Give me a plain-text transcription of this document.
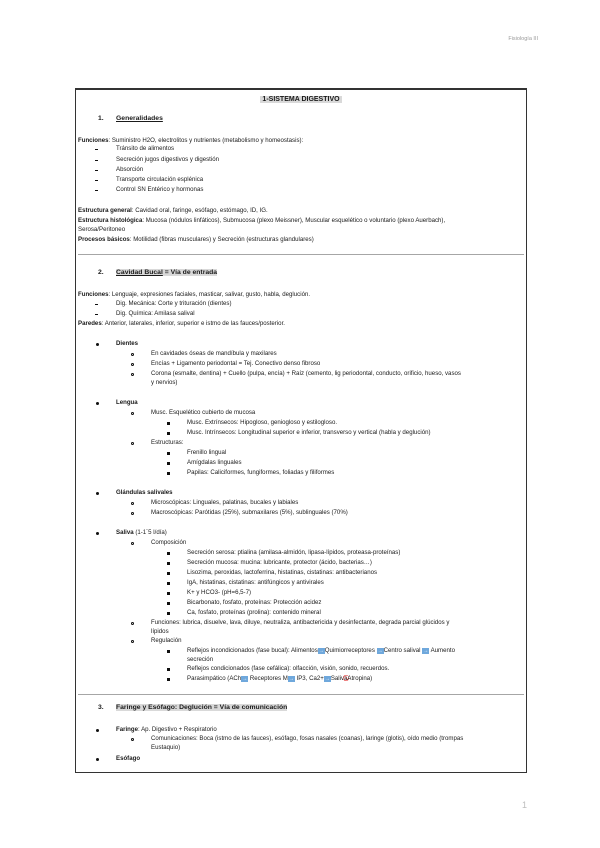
Fisiología III
1-SISTEMA DIGESTIVO
1. Generalidades
Funciones: Suministro H2O, electrolitos y nutrientes (metabolismo y homeostasis):
Tránsito de alimentos
Secreción jugos digestivos y digestión
Absorción
Transporte circulación esplénica
Control SN Entérico y hormonas
Estructura general: Cavidad oral, faringe, esófago, estómago, ID, IG.
Estructura histológica: Mucosa (nódulos linfáticos), Submucosa (plexo Meissner), Muscular esquelético o voluntario (plexo Auerbach),
Serosa/Peritoneo
Procesos básicos: Motilidad (fibras musculares) y Secreción (estructuras glandulares)
2. Cavidad Bucal = Vía de entrada
Funciones: Lenguaje, expresiones faciales, masticar, salivar, gusto, habla, deglución.
Dig. Mecánica: Corte y trituración (dientes)
Dig. Química: Amilasa salival
Paredes: Anterior, laterales, inferior, superior e istmo de las fauces/posterior.
Dientes
En cavidades óseas de mandíbula y maxilares
Encías + Ligamento periodontal = Tej. Conectivo denso fibroso
Corona (esmalte, dentina) + Cuello (pulpa, encía) + Raíz (cemento, lig periodontal, conducto, orificio, hueso, vasos
y nervios)
Lengua
Musc. Esquelético cubierto de mucosa
Musc. Extrínsecos: Hipogloso, geniogloso y estilogloso.
Musc. Intrínsecos: Longitudinal superior e inferior, transverso y vertical (habla y deglución)
Estructuras:
Frenillo lingual
Amígdalas linguales
Papilas: Caliciformes, fungiformes, foliadas y filiformes
Glándulas salivales
Microscópicas: Linguales, palatinas, bucales y labiales
Macroscópicas: Parótidas (25%), submaxilares (5%), sublinguales (70%)
Saliva (1-1´5 l/día)
Composición
Secreción serosa: ptialina (amilasa-almidón, lipasa-lípidos, proteasa-proteínas)
Secreción mucosa: mucina: lubricante, protector (ácido, bacterias…)
Lisozima, peroxidas, lactoferrina, histatinas, cistatinas: antibacterianos
IgA, histatinas, cistatinas: antifúngicos y antivirales
K+ y HCO3- (pH=6,5-7)
Bicarbonato, fosfato, proteínas: Protección acidez
Ca, fosfato, proteínas (prolina): contenido mineral
Funciones: lubrica, disuelve, lava, diluye, neutraliza, antibactericida y desinfectante, degrada parcial glúcidos y
lípidos
Regulación
Reflejos incondicionados (fase bucal): Alimentos→Quimiorreceptores →Centro salival → Aumento
secreción
Reflejos condicionados (fase cefálica): olfacción, visión, sonido, recuerdos.
Parasimpático (ACh→ Receptores M→ IP3, Ca2+→SalivaAtropina)
3. Faringe y Esófago: Deglución = Vía de comunicación
Faringe: Ap. Digestivo + Respiratorio
Comunicaciones: Boca (istmo de las fauces), esófago, fosas nasales (coanas), laringe (glotis), oído medio (trompas
Eustaquio)
Esófago
1
